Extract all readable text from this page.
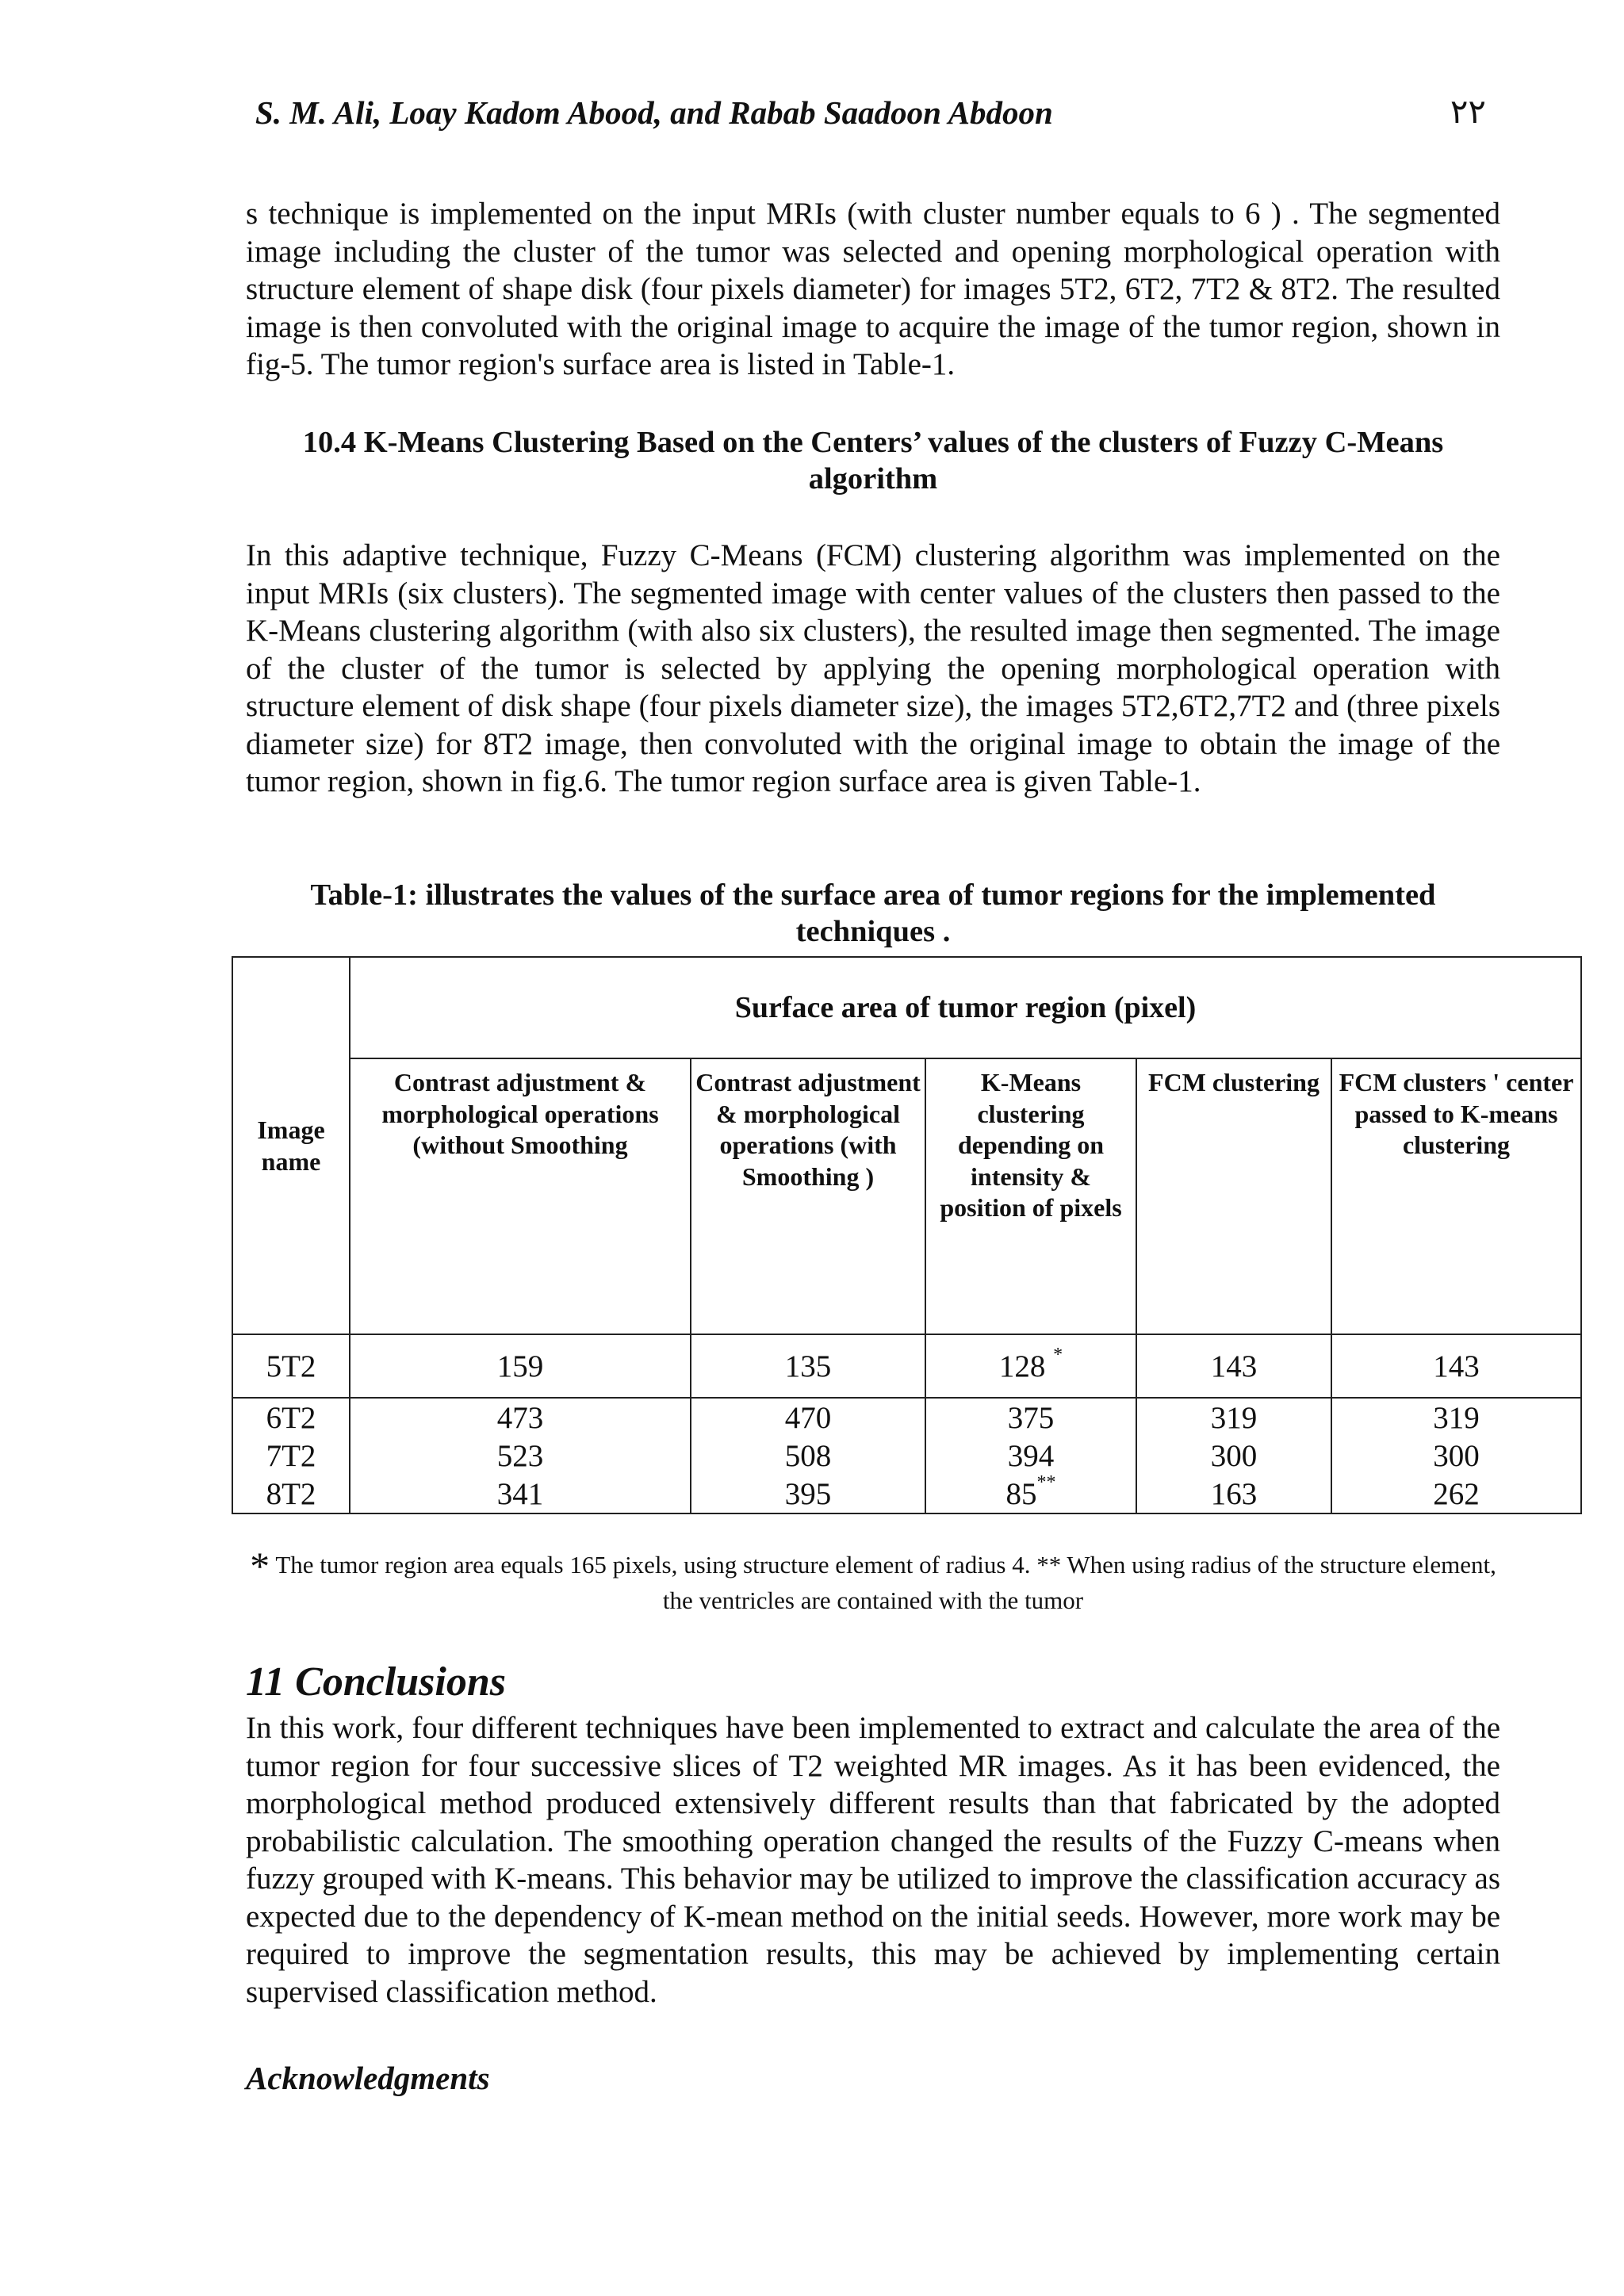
S. M. Ali, Loay Kadom Abood, and Rabab Saadoon Abdoon	٢٢

s technique is implemented on the input MRIs (with cluster number equals to 6 ) . The segmented image including the cluster of the tumor was selected and opening morphological operation with structure element of shape disk (four pixels diameter) for images 5T2, 6T2, 7T2 & 8T2. The resulted image is then convoluted with the original image to acquire the image of the tumor region, shown in fig-5. The tumor region's surface area is listed in Table-1.

10.4 K-Means Clustering Based on the Centers’ values of the clusters of Fuzzy C-Means algorithm

In this adaptive technique, Fuzzy C-Means (FCM) clustering algorithm was implemented on the input MRIs (six clusters). The segmented image with center values of the clusters then passed to the K-Means clustering algorithm (with also six clusters), the resulted image then segmented. The image of the cluster of the tumor is selected by applying the opening morphological operation with structure element of disk shape (four pixels diameter size), the images 5T2,6T2,7T2 and (three pixels diameter size) for 8T2 image, then convoluted with the original image to obtain the image of the tumor region, shown in fig.6. The tumor region surface area is given Table-1.

Table-1: illustrates the values of the surface area of tumor regions for the implemented techniques .
Image name	Surface area of tumor region (pixel)				
	Contrast adjustment & morphological operations (without Smoothing	Contrast adjustment & morphological operations (with Smoothing )	K-Means clustering depending on intensity & position of pixels	FCM clustering	FCM clusters ' center passed to K-means clustering
5T2	159	135	128 *	143	143
6T2	473	470	375	319	319
7T2	523	508	394	300	300
8T2	341	395	85**	163	262
* The tumor region area equals 165 pixels, using structure element of radius 4. ** When using radius of the structure element, the ventricles are contained with the tumor
11 Conclusions

In this work, four different techniques have been implemented to extract and calculate the area of the tumor region for four successive slices of T2 weighted MR images. As it has been evidenced, the morphological method produced extensively different results than that fabricated by the adopted probabilistic calculation. The smoothing operation changed the results of the Fuzzy C-means when fuzzy grouped with K-means. This behavior may be utilized to improve the classification accuracy as expected due to the dependency of K-mean method on the initial seeds. However, more work may be required to improve the segmentation results, this may be achieved by implementing certain supervised classification method.

Acknowledgments
